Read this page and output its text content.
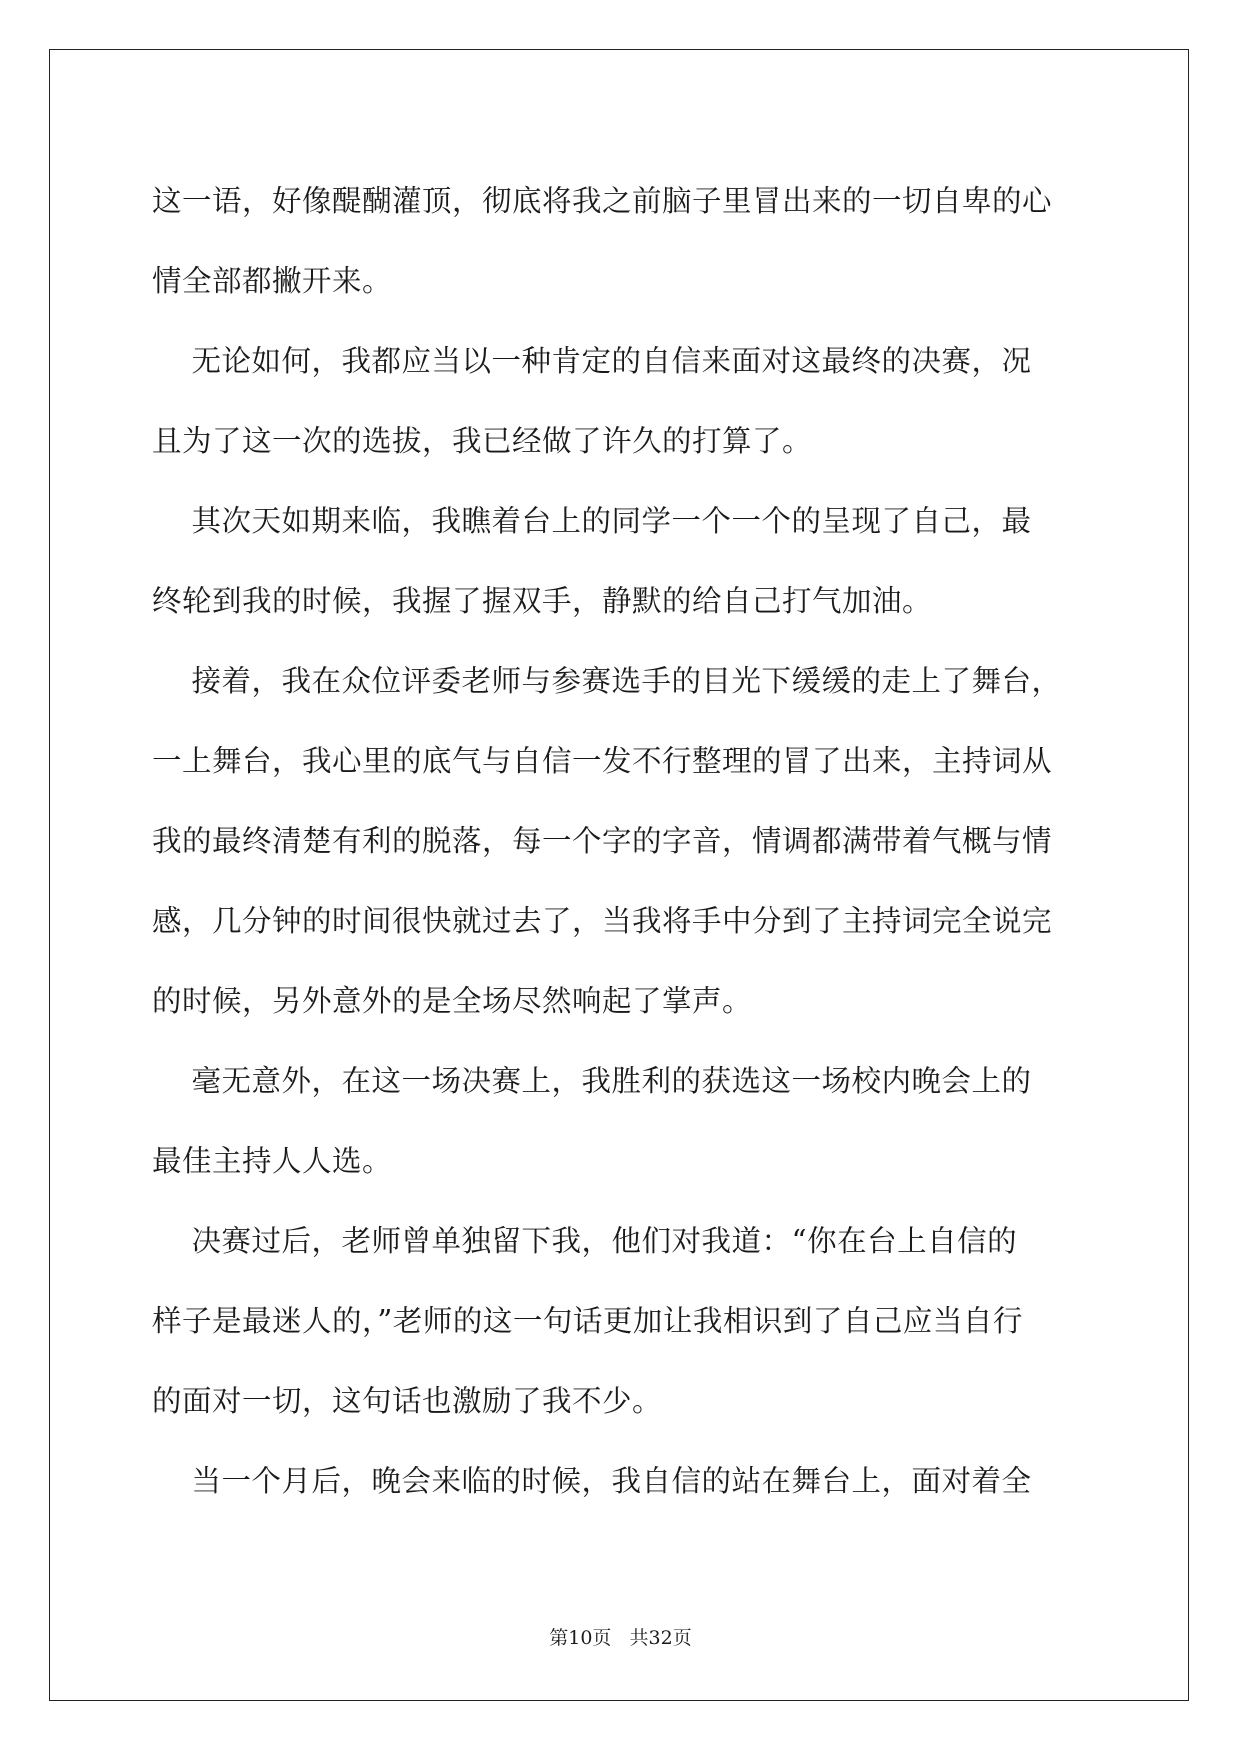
这一语，好像醍醐灌顶，彻底将我之前脑子里冒出来的一切自卑的心

情全部都撇开来。

无论如何，我都应当以一种肯定的自信来面对这最终的决赛，况

且为了这一次的选拔，我已经做了许久的打算了。

其次天如期来临，我瞧着台上的同学一个一个的呈现了自己，最

终轮到我的时候，我握了握双手，静默的给自己打气加油。

接着，我在众位评委老师与参赛选手的目光下缓缓的走上了舞台，

一上舞台，我心里的底气与自信一发不行整理的冒了出来，主持词从

我的最终清楚有利的脱落，每一个字的字音，情调都满带着气概与情

感，几分钟的时间很快就过去了，当我将手中分到了主持词完全说完

的时候，另外意外的是全场尽然响起了掌声。

毫无意外，在这一场决赛上，我胜利的获选这一场校内晚会上的

最佳主持人人选。

决赛过后，老师曾单独留下我，他们对我道：“你在台上自信的

样子是最迷人的，”老师的这一句话更加让我相识到了自己应当自行

的面对一切，这句话也激励了我不少。

当一个月后，晚会来临的时候，我自信的站在舞台上，面对着全

第10页   共32页
